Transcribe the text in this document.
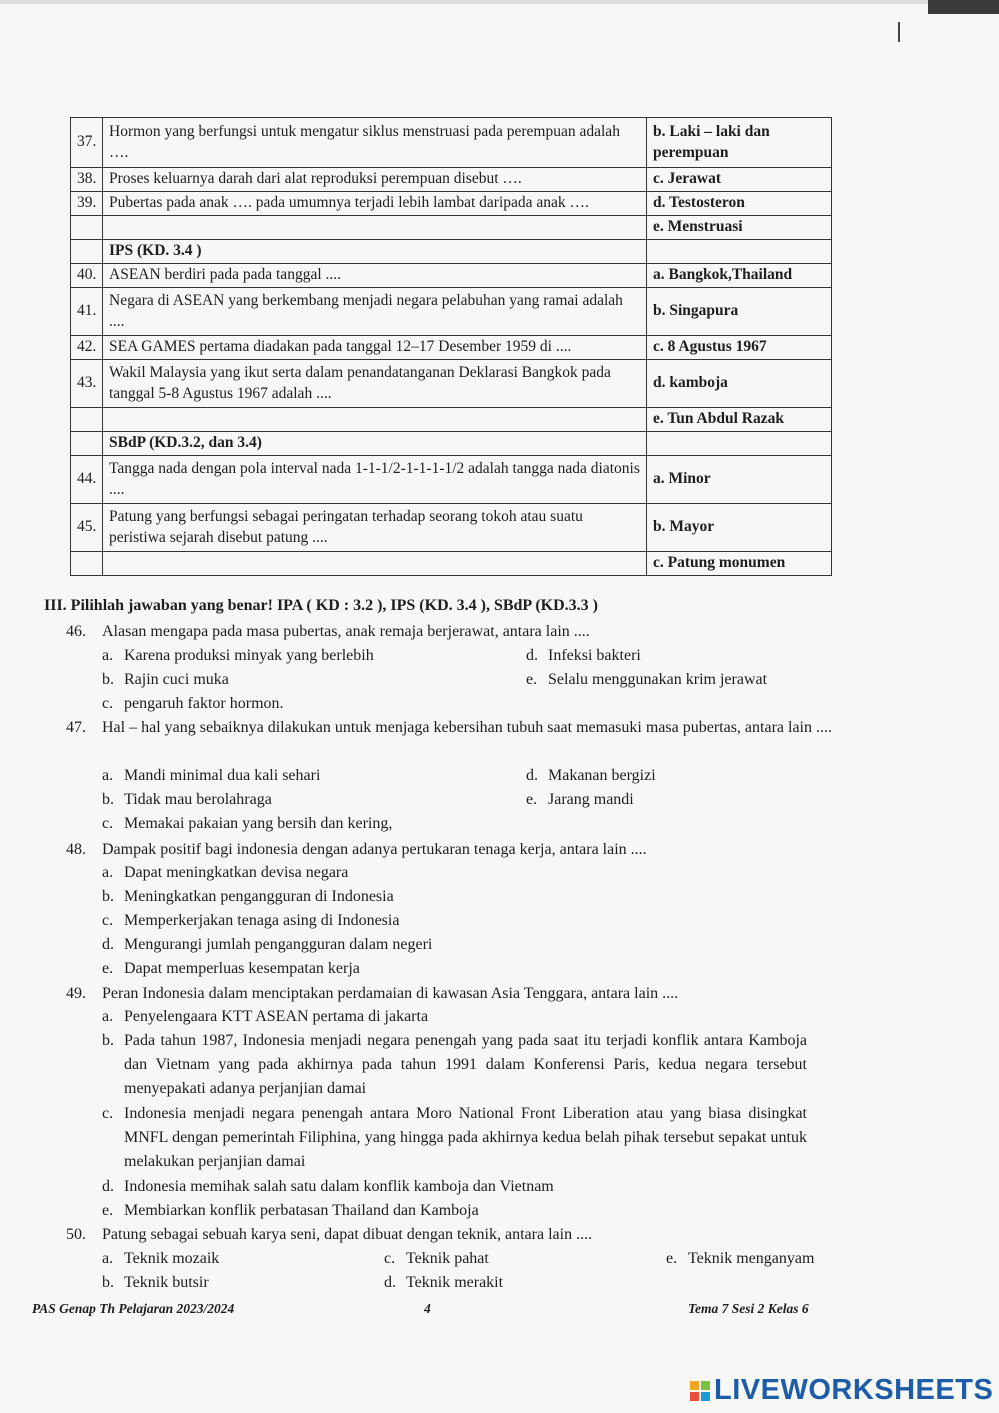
37.	Hormon yang berfungsi untuk mengatur siklus menstruasi pada perempuan adalah ….	b. Laki – laki dan perempuan
38.	Proses keluarnya darah dari alat reproduksi perempuan disebut ….	c. Jerawat
39.	Pubertas pada anak …. pada umumnya terjadi lebih lambat daripada anak ….	d. Testosteron
		e. Menstruasi
	IPS (KD. 3.4 )	
40.	ASEAN berdiri pada pada tanggal ....	a. Bangkok,Thailand
41.	Negara di ASEAN yang berkembang menjadi negara pelabuhan yang ramai adalah ....	b. Singapura
42.	SEA GAMES pertama diadakan pada tanggal 12–17 Desember 1959 di ....	c. 8 Agustus 1967
43.	Wakil Malaysia yang ikut serta dalam penandatanganan Deklarasi Bangkok pada tanggal 5-8 Agustus 1967 adalah ....	d. kamboja
		e. Tun Abdul Razak
	SBdP (KD.3.2, dan 3.4)	
44.	Tangga nada dengan pola interval nada 1-1-1/2-1-1-1-1/2 adalah tangga nada diatonis ....	a. Minor
45.	Patung yang berfungsi sebagai peringatan terhadap seorang tokoh atau suatu peristiwa sejarah disebut patung ....	b. Mayor
		c. Patung monumen
III. Pilihlah jawaban yang benar! IPA ( KD : 3.2 ), IPS (KD. 3.4 ), SBdP (KD.3.3 )
46. Alasan mengapa pada masa pubertas, anak remaja berjerawat, antara lain ....
a. Karena produksi minyak yang berlebih
b. Rajin cuci muka
c. pengaruh faktor hormon.
d. Infeksi bakteri
e. Selalu menggunakan krim jerawat
47. Hal – hal yang sebaiknya dilakukan untuk menjaga kebersihan tubuh saat memasuki masa pubertas, antara lain ....
a. Mandi minimal dua kali sehari
b. Tidak mau berolahraga
c. Memakai pakaian yang bersih dan kering,
d. Makanan bergizi
e. Jarang mandi
48. Dampak positif bagi indonesia dengan adanya pertukaran tenaga kerja, antara lain ....
a. Dapat meningkatkan devisa negara
b. Meningkatkan pengangguran di Indonesia
c. Memperkerjakan tenaga asing di Indonesia
d. Mengurangi jumlah pengangguran dalam negeri
e. Dapat memperluas kesempatan kerja
49. Peran Indonesia dalam menciptakan perdamaian di kawasan Asia Tenggara, antara lain ....
a. Penyelengaara KTT ASEAN pertama di jakarta
b. Pada tahun 1987, Indonesia menjadi negara penengah yang pada saat itu terjadi konflik antara Kamboja dan Vietnam yang pada akhirnya pada tahun 1991 dalam Konferensi Paris, kedua negara tersebut menyepakati adanya perjanjian damai
c. Indonesia menjadi negara penengah antara Moro National Front Liberation atau yang biasa disingkat MNFL dengan pemerintah Filiphina, yang hingga pada akhirnya kedua belah pihak tersebut sepakat untuk melakukan perjanjian damai
d. Indonesia memihak salah satu dalam konflik kamboja dan Vietnam
e. Membiarkan konflik perbatasan Thailand dan Kamboja
50. Patung sebagai sebuah karya seni, dapat dibuat dengan teknik, antara lain ....
a. Teknik mozaik
b. Teknik butsir
c. Teknik pahat
d. Teknik merakit
e. Teknik menganyam
PAS Genap Th Pelajaran 2023/2024	4	Tema 7 Sesi 2 Kelas 6
LIVEWORKSHEETS
